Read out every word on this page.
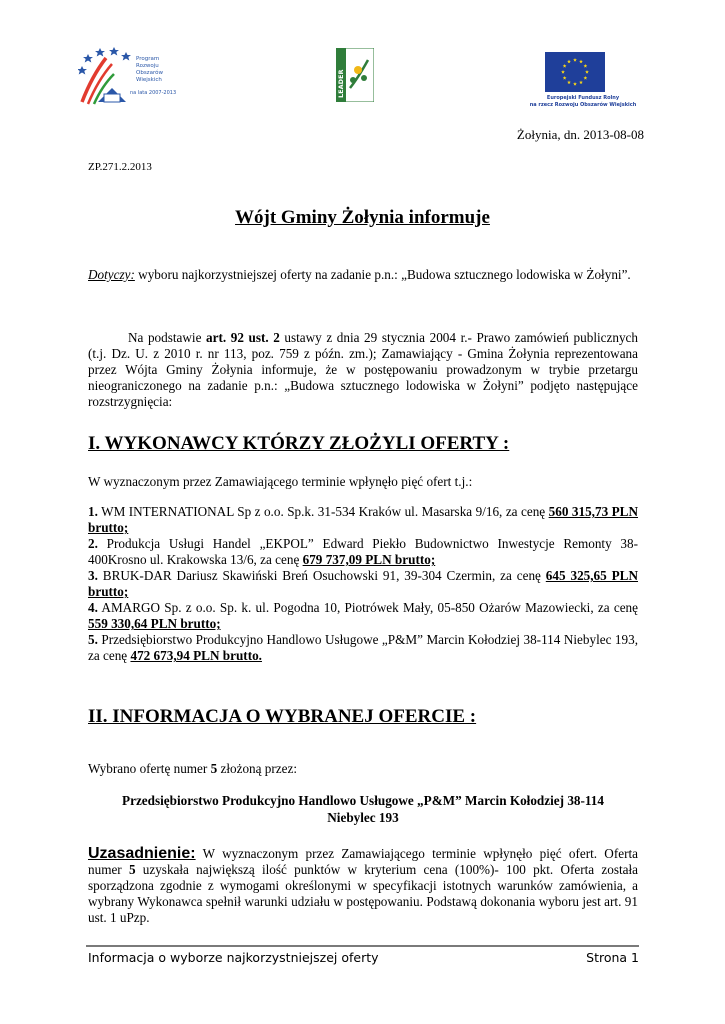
Program
Rozwoju
Obszarów
Wiejskich
na lata 2007-2013	LEADER	Europejski Fundusz Rolny
na rzecz Rozwoju Obszarów Wiejskich
Żołynia, dn. 2013-08-08
ZP.271.2.2013
Wójt Gminy Żołynia informuje
Dotyczy: wyboru najkorzystniejszej oferty na zadanie p.n.: „Budowa sztucznego lodowiska w Żołyni”.
Na podstawie art. 92 ust. 2 ustawy z dnia 29 stycznia 2004 r.- Prawo zamówień publicznych (t.j. Dz. U. z 2010 r. nr 113, poz. 759 z późn. zm.); Zamawiający - Gmina Żołynia reprezentowana przez Wójta Gminy Żołynia informuje, że w postępowaniu prowadzonym w trybie przetargu nieograniczonego na zadanie p.n.: „Budowa sztucznego lodowiska w Żołyni” podjęto następujące rozstrzygnięcia:
I. WYKONAWCY KTÓRZY ZŁOŻYLI OFERTY :
W wyznaczonym przez Zamawiającego terminie wpłynęło pięć ofert t.j.:

1. WM INTERNATIONAL Sp z o.o. Sp.k. 31-534 Kraków ul. Masarska 9/16, za cenę 560 315,73 PLN brutto;

2. Produkcja Usługi Handel „EKPOL” Edward Piekło Budownictwo Inwestycje Remonty 38-400Krosno ul. Krakowska 13/6, za cenę 679 737,09 PLN brutto;

3. BRUK-DAR Dariusz Skawiński Breń Osuchowski 91, 39-304 Czermin, za cenę 645 325,65 PLN brutto;

4. AMARGO Sp. z o.o. Sp. k. ul. Pogodna 10, Piotrówek Mały, 05-850 Ożarów Mazowiecki, za cenę 559 330,64 PLN brutto;

5. Przedsiębiorstwo Produkcyjno Handlowo Usługowe „P&M” Marcin Kołodziej 38-114 Niebylec 193, za cenę 472 673,94 PLN brutto.

II. INFORMACJA O WYBRANEJ OFERCIE :
Wybrano ofertę numer 5 złożoną przez:
Przedsiębiorstwo Produkcyjno Handlowo Usługowe „P&M” Marcin Kołodziej 38-114
Niebylec 193
Uzasadnienie: W wyznaczonym przez Zamawiającego terminie wpłynęło pięć ofert. Oferta numer 5 uzyskała największą ilość punktów w kryterium cena (100%)- 100 pkt. Oferta została sporządzona zgodnie z wymogami określonymi w specyfikacji istotnych warunków zamówienia, a wybrany Wykonawca spełnił warunki udziału w postępowaniu. Podstawą dokonania wyboru jest art. 91 ust. 1 uPzp.
Informacja o wyborze najkorzystniejszej oferty	Strona 1
